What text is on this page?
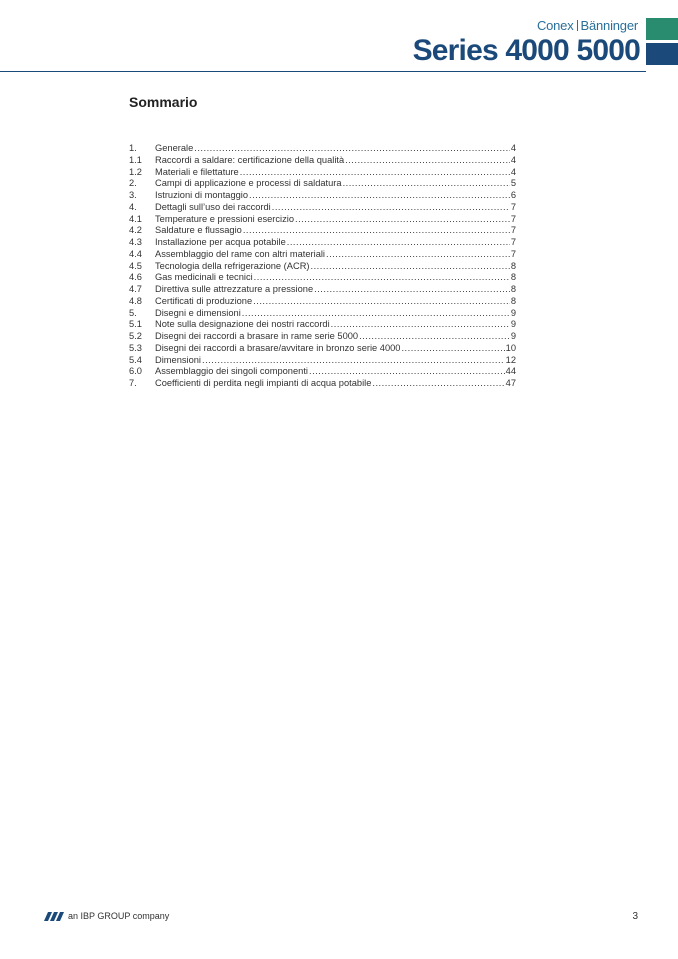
Conex Bänninger
Series 4000 5000
Sommario
1.	Generale .....	4
1.1	Raccordi a saldare: certificazione della qualità .....	4
1.2	Materiali e filettature .....	4
2.	Campi di applicazione e processi di saldatura .....	5
3.	Istruzioni di montaggio .....	6
4.	Dettagli sull’uso dei raccordi .....	7
4.1	Temperature e pressioni esercizio .....	7
4.2	Saldature e flussagio .....	7
4.3	Installazione per acqua potabile .....	7
4.4	Assemblaggio del rame con altri materiali .....	7
4.5	Tecnologia della refrigerazione (ACR) .....	8
4.6	Gas medicinali e tecnici .....	8
4.7	Direttiva sulle attrezzature a pressione .....	8
4.8	Certificati di produzione .....	8
5.	Disegni e dimensioni .....	9
5.1	Note sulla designazione dei nostri raccordi .....	9
5.2	Disegni dei raccordi a brasare in rame serie 5000 .....	9
5.3	Disegni dei raccordi a brasare/avvitare in bronzo serie 4000 .....	10
5.4	Dimensioni .....	12
6.0	Assemblaggio dei singoli componenti .....	44
7.	Coefficienti di perdita negli impianti di acqua potabile .....	47
an IBP GROUP company	3
